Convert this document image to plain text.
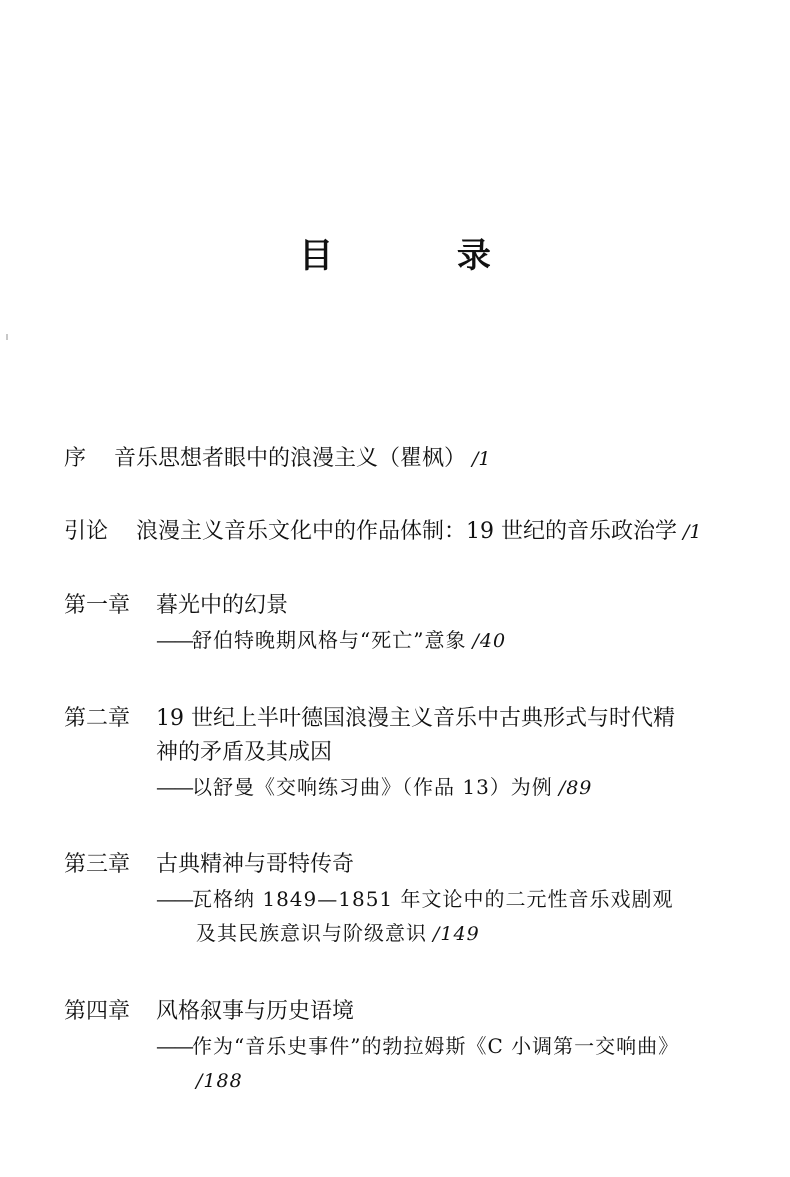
目 录
序	音乐思想者眼中的浪漫主义（瞿枫） /1
引论	浪漫主义音乐文化中的作品体制：19 世纪的音乐政治学 /1
第一章	暮光中的幻景
——舒伯特晚期风格与“死亡”意象 /40
第二章	19 世纪上半叶德国浪漫主义音乐中古典形式与时代精
神的矛盾及其成因
——以舒曼《交响练习曲》（作品 13）为例 /89
第三章	古典精神与哥特传奇
——瓦格纳 1849—1851 年文论中的二元性音乐戏剧观
及其民族意识与阶级意识 /149
第四章	风格叙事与历史语境
——作为“音乐史事件”的勃拉姆斯《C 小调第一交响曲》
/188
